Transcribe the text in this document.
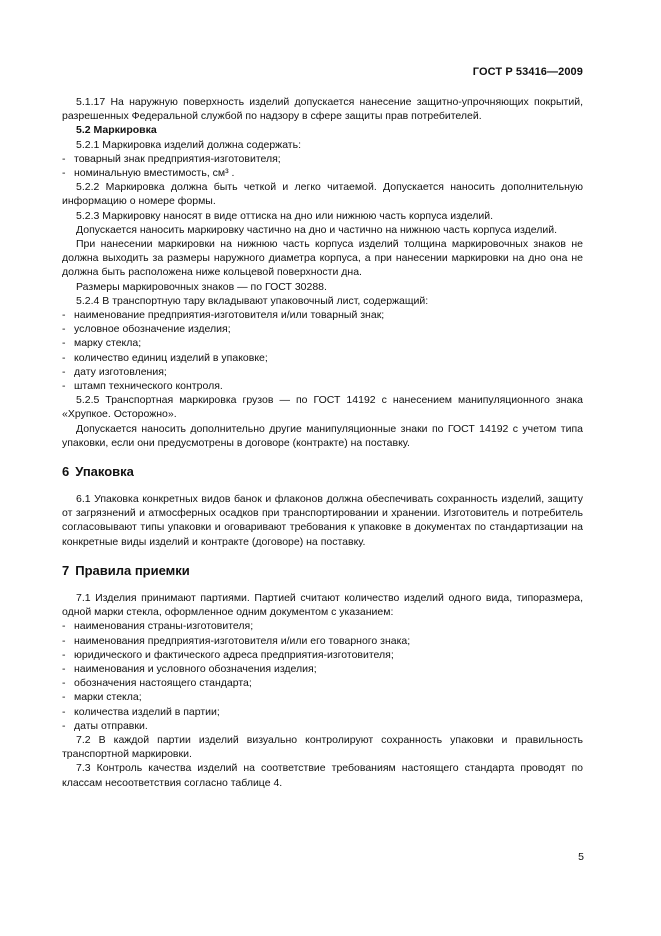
ГОСТ Р 53416—2009

5.1.17 На наружную поверхность изделий допускается нанесение защитно-упрочняющих покрытий, разрешенных Федеральной службой по надзору в сфере защиты прав потребителей.

5.2 Маркировка

5.2.1 Маркировка изделий должна содержать:

- товарный знак предприятия-изготовителя;

- номинальную вместимость, см³ .

5.2.2 Маркировка должна быть четкой и легко читаемой. Допускается наносить дополнительную информацию о номере формы.

5.2.3 Маркировку наносят в виде оттиска на дно или нижнюю часть корпуса изделий.

Допускается наносить маркировку частично на дно и частично на нижнюю часть корпуса изделий.

При нанесении маркировки на нижнюю часть корпуса изделий толщина маркировочных знаков не должна выходить за размеры наружного диаметра корпуса, а при нанесении маркировки на дно она не должна быть расположена ниже кольцевой поверхности дна.

Размеры маркировочных знаков — по ГОСТ 30288.

5.2.4 В транспортную тару вкладывают упаковочный лист, содержащий:

- наименование предприятия-изготовителя и/или товарный знак;

- условное обозначение изделия;

- марку стекла;

- количество единиц изделий в упаковке;

- дату изготовления;

- штамп технического контроля.

5.2.5 Транспортная маркировка грузов — по ГОСТ 14192 с нанесением манипуляционного знака «Хрупкое. Осторожно».

Допускается наносить дополнительно другие манипуляционные знаки по ГОСТ 14192 с учетом типа упаковки, если они предусмотрены в договоре (контракте) на поставку.

6 Упаковка

6.1 Упаковка конкретных видов банок и флаконов должна обеспечивать сохранность изделий, защиту от загрязнений и атмосферных осадков при транспортировании и хранении. Изготовитель и потребитель согласовывают типы упаковки и оговаривают требования к упаковке в документах по стандартизации на конкретные виды изделий и контракте (договоре) на поставку.

7 Правила приемки

7.1 Изделия принимают партиями. Партией считают количество изделий одного вида, типоразмера, одной марки стекла, оформленное одним документом с указанием:

- наименования страны-изготовителя;

- наименования предприятия-изготовителя и/или его товарного знака;

- юридического и фактического адреса предприятия-изготовителя;

- наименования и условного обозначения изделия;

- обозначения настоящего стандарта;

- марки стекла;

- количества изделий в партии;

- даты отправки.

7.2 В каждой партии изделий визуально контролируют сохранность упаковки и правильность транспортной маркировки.

7.3 Контроль качества изделий на соответствие требованиям настоящего стандарта проводят по классам несоответствия согласно таблице 4.

5
